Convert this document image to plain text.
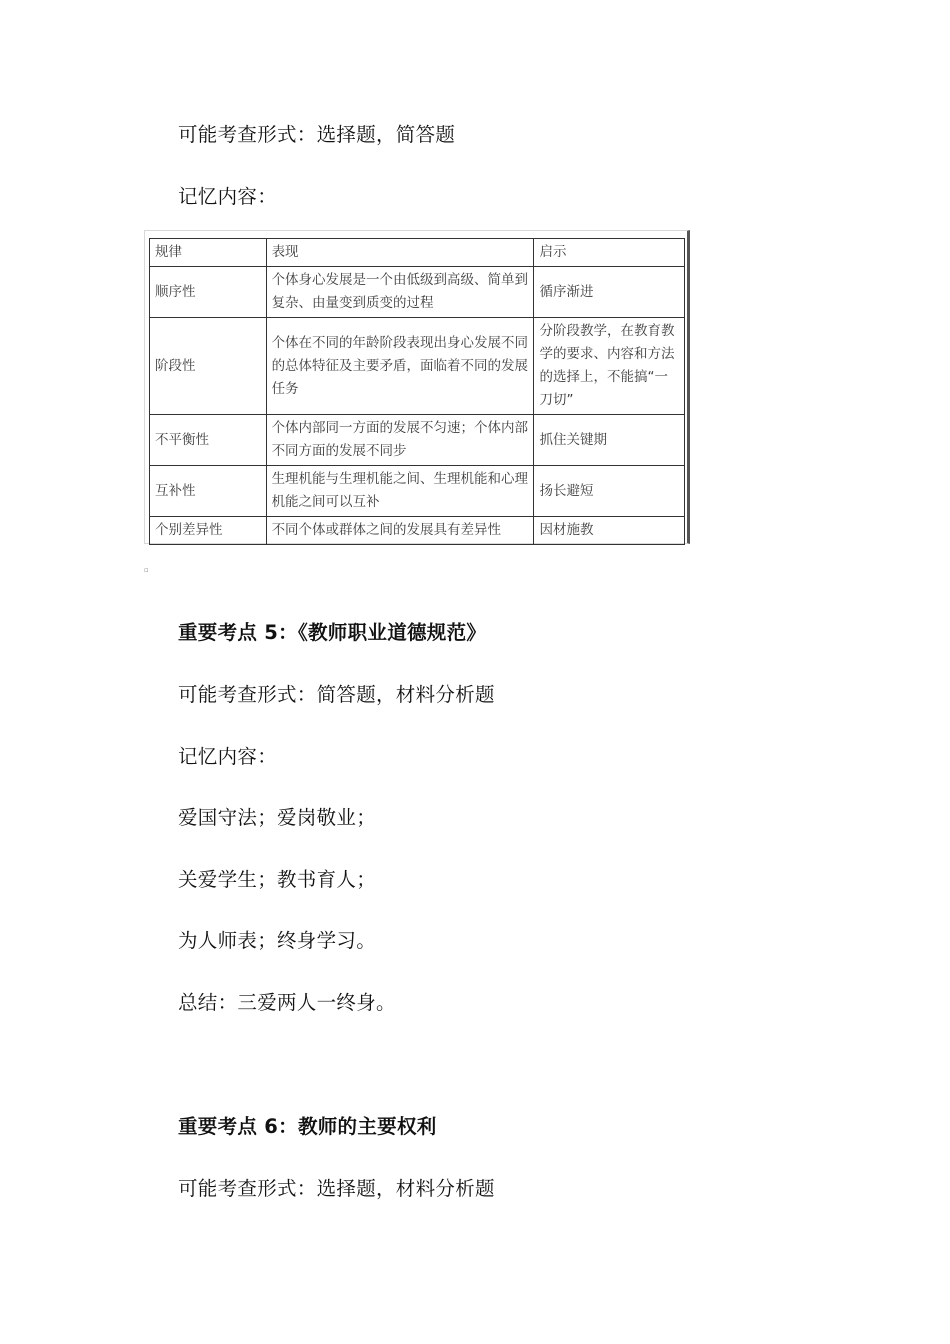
可能考查形式：选择题，简答题
记忆内容：
规律	表现	启示
顺序性	个体身心发展是一个由低级到高级、简单到复杂、由量变到质变的过程	循序渐进
阶段性	个体在不同的年龄阶段表现出身心发展不同的总体特征及主要矛盾，面临着不同的发展任务	分阶段教学，在教育教学的要求、内容和方法的选择上，不能搞“一刀切”
不平衡性	个体内部同一方面的发展不匀速；个体内部不同方面的发展不同步	抓住关键期
互补性	生理机能与生理机能之间、生理机能和心理机能之间可以互补	扬长避短
个别差异性	不同个体或群体之间的发展具有差异性	因材施教
▫
重要考点 5：《教师职业道德规范》
可能考查形式：简答题，材料分析题
记忆内容：
爱国守法；爱岗敬业；
关爱学生；教书育人；
为人师表；终身学习。
总结：三爱两人一终身。
重要考点 6：教师的主要权利
可能考查形式：选择题，材料分析题
